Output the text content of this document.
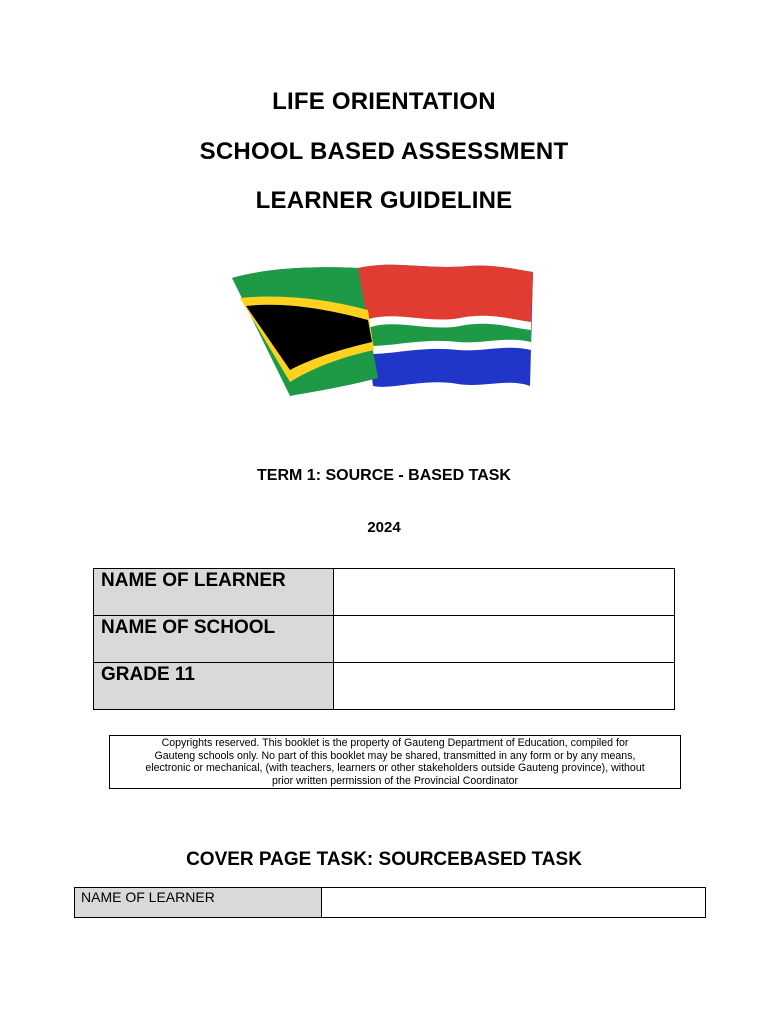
LIFE ORIENTATION
SCHOOL BASED ASSESSMENT
LEARNER GUIDELINE
TERM 1: SOURCE - BASED TASK
2024
NAME OF LEARNER	
NAME OF SCHOOL	
GRADE 11	
Copyrights reserved. This booklet is the property of Gauteng Department of Education, compiled for
Gauteng schools only. No part of this booklet may be shared, transmitted in any form or by any means,
electronic or mechanical, (with teachers, learners or other stakeholders outside Gauteng province), without
prior written permission of the Provincial Coordinator
COVER PAGE TASK: SOURCEBASED TASK
NAME OF LEARNER	
